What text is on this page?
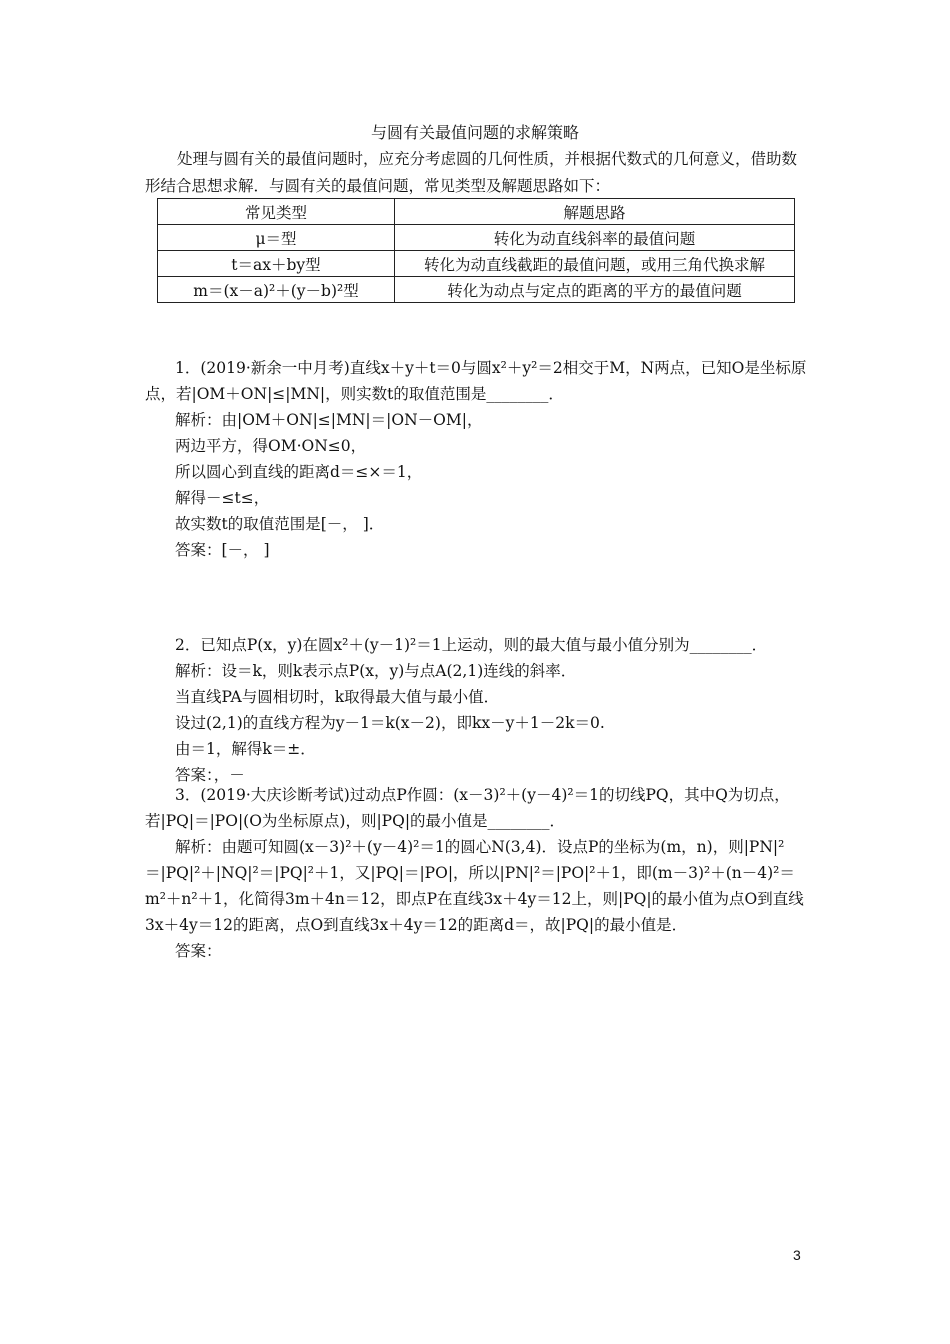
与圆有关最值问题的求解策略

处理与圆有关的最值问题时，应充分考虑圆的几何性质，并根据代数式的几何意义，借助数形结合思想求解．与圆有关的最值问题，常见类型及解题思路如下：

常见类型	解题思路
μ＝型	转化为动直线斜率的最值问题
t＝ax＋by型	转化为动直线截距的最值问题，或用三角代换求解
m＝(x－a)²＋(y－b)²型	转化为动点与定点的距离的平方的最值问题

1．(2019·新余一中月考)直线x＋y＋t＝0与圆x²＋y²＝2相交于M，N两点，已知O是坐标原点，若|OM＋ON|≤|MN|，则实数t的取值范围是________．

解析：由|OM＋ON|≤|MN|＝|ON－OM|，

两边平方，得OM·ON≤0，

所以圆心到直线的距离d＝≤×＝1，

解得－≤t≤，

故实数t的取值范围是[－， ]．

答案：[－， ]

2．已知点P(x，y)在圆x²＋(y－1)²＝1上运动，则的最大值与最小值分别为________．

解析：设＝k，则k表示点P(x，y)与点A(2,1)连线的斜率．

当直线PA与圆相切时，k取得最大值与最小值．

设过(2,1)的直线方程为y－1＝k(x－2)，即kx－y＋1－2k＝0.

由＝1，解得k＝±．

答案：，－

3．(2019·大庆诊断考试)过动点P作圆：(x－3)²＋(y－4)²＝1的切线PQ，其中Q为切点，若|PQ|＝|PO|(O为坐标原点)，则|PQ|的最小值是________．

解析：由题可知圆(x－3)²＋(y－4)²＝1的圆心N(3,4)．设点P的坐标为(m，n)，则|PN|²＝|PQ|²＋|NQ|²＝|PQ|²＋1，又|PQ|＝|PO|，所以|PN|²＝|PO|²＋1，即(m－3)²＋(n－4)²＝m²＋n²＋1，化简得3m＋4n＝12，即点P在直线3x＋4y＝12上，则|PQ|的最小值为点O到直线3x＋4y＝12的距离，点O到直线3x＋4y＝12的距离d＝，故|PQ|的最小值是．

答案：

3
